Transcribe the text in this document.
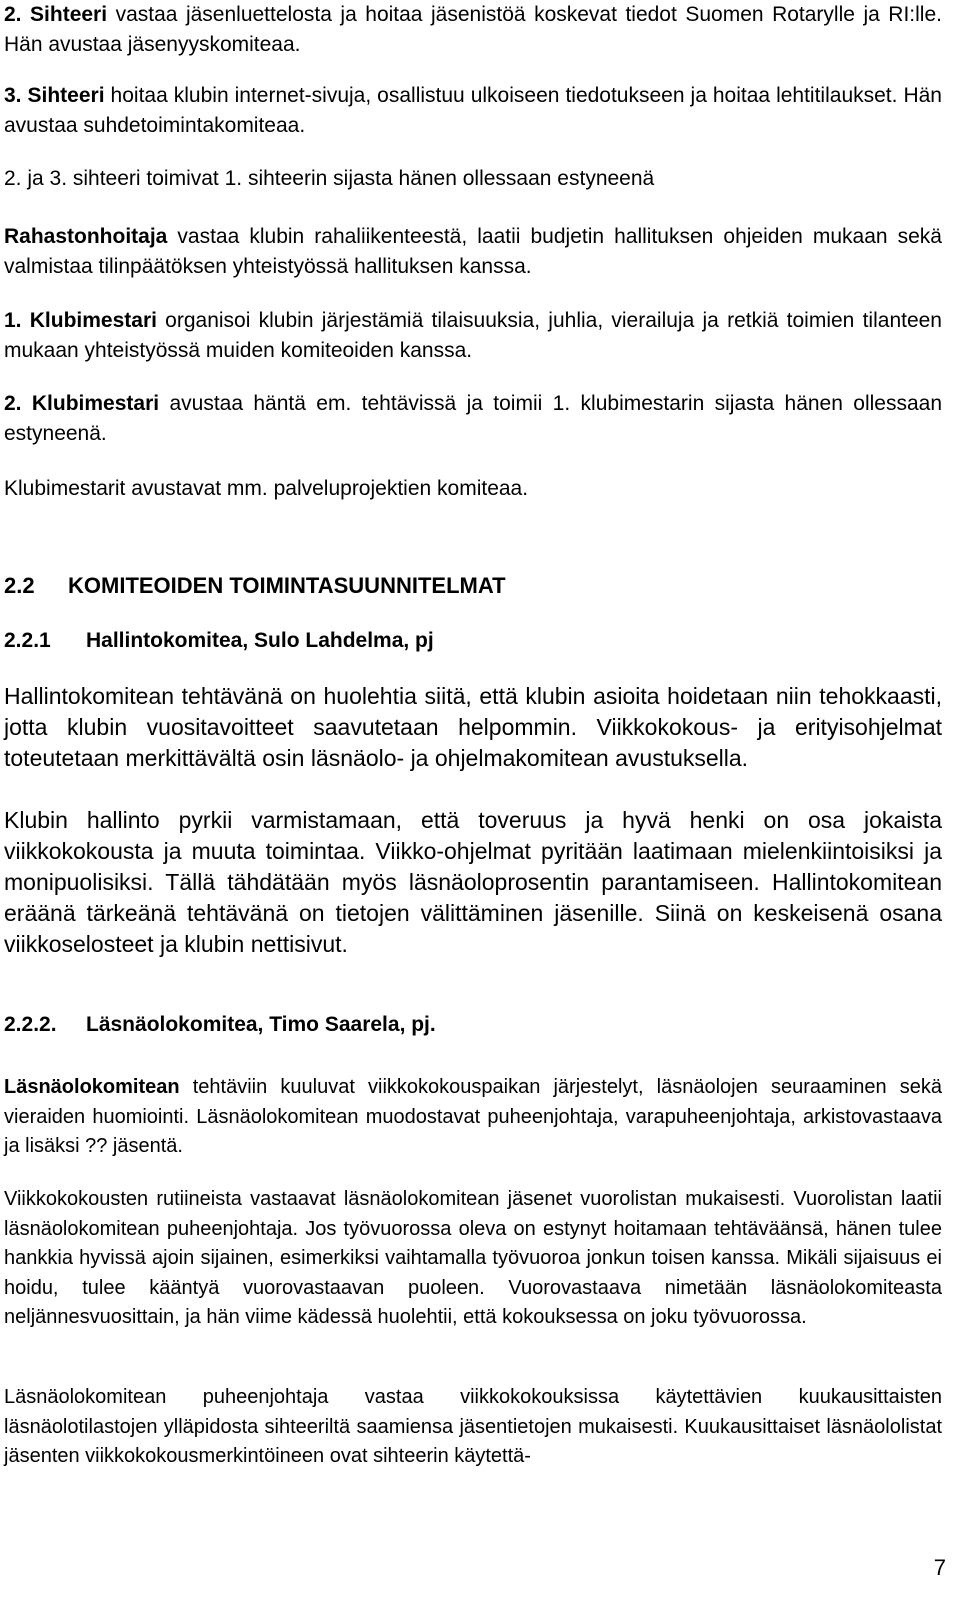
2. Sihteeri vastaa jäsenluettelosta ja hoitaa jäsenistöä koskevat tiedot Suomen Rotarylle ja RI:lle. Hän avustaa jäsenyyskomiteaa.

3. Sihteeri hoitaa klubin internet-sivuja, osallistuu ulkoiseen tiedotukseen ja hoitaa lehtitilaukset. Hän avustaa suhdetoimintakomiteaa.

2. ja 3. sihteeri toimivat 1. sihteerin sijasta hänen ollessaan estyneenä

Rahastonhoitaja vastaa klubin rahaliikenteestä, laatii budjetin hallituksen ohjeiden mukaan sekä valmistaa tilinpäätöksen yhteistyössä hallituksen kanssa.

1. Klubimestari organisoi klubin järjestämiä tilaisuuksia, juhlia, vierailuja ja retkiä toimien tilanteen mukaan yhteistyössä muiden komiteoiden kanssa.

2. Klubimestari avustaa häntä em. tehtävissä ja toimii 1. klubimestarin sijasta hänen ollessaan estyneenä.

Klubimestarit avustavat mm. palveluprojektien komiteaa.

2.2 KOMITEOIDEN TOIMINTASUUNNITELMAT
2.2.1 Hallintokomitea, Sulo Lahdelma, pj

Hallintokomitean tehtävänä on huolehtia siitä, että klubin asioita hoidetaan niin tehokkaasti, jotta klubin vuositavoitteet saavutetaan helpommin. Viikkokokous- ja erityisohjelmat toteutetaan merkittävältä osin läsnäolo- ja ohjelmakomitean avustuksella.

Klubin hallinto pyrkii varmistamaan, että toveruus ja hyvä henki on osa jokaista viikkokokousta ja muuta toimintaa. Viikko-ohjelmat pyritään laatimaan mielenkiintoisiksi ja monipuolisiksi. Tällä tähdätään myös läsnäoloprosentin parantamiseen. Hallintokomitean eräänä tärkeänä tehtävänä on tietojen välittäminen jäsenille. Siinä on keskeisenä osana viikkoselosteet ja klubin nettisivut.

2.2.2. Läsnäolokomitea, Timo Saarela, pj.

Läsnäolokomitean tehtäviin kuuluvat viikkokokouspaikan järjestelyt, läsnäolojen seuraaminen sekä vieraiden huomiointi. Läsnäolokomitean muodostavat puheenjohtaja, varapuheenjohtaja, arkistovastaava ja lisäksi ?? jäsentä.

Viikkokokousten rutiineista vastaavat läsnäolokomitean jäsenet vuorolistan mukaisesti. Vuorolistan laatii läsnäolokomitean puheenjohtaja. Jos työvuorossa oleva on estynyt hoitamaan tehtäväänsä, hänen tulee hankkia hyvissä ajoin sijainen, esimerkiksi vaihtamalla työvuoroa jonkun toisen kanssa. Mikäli sijaisuus ei hoidu, tulee kääntyä vuorovastaavan puoleen. Vuorovastaava nimetään läsnäolokomiteasta neljännesvuosittain, ja hän viime kädessä huolehtii, että kokouksessa on joku työvuorossa.

Läsnäolokomitean puheenjohtaja vastaa viikkokokouksissa käytettävien kuukausittaisten läsnäolotilastojen ylläpidosta sihteeriltä saamiensa jäsentietojen mukaisesti. Kuukausittaiset läsnäololistat jäsenten viikkokokousmerkintöineen ovat sihteerin käytettä-

7
